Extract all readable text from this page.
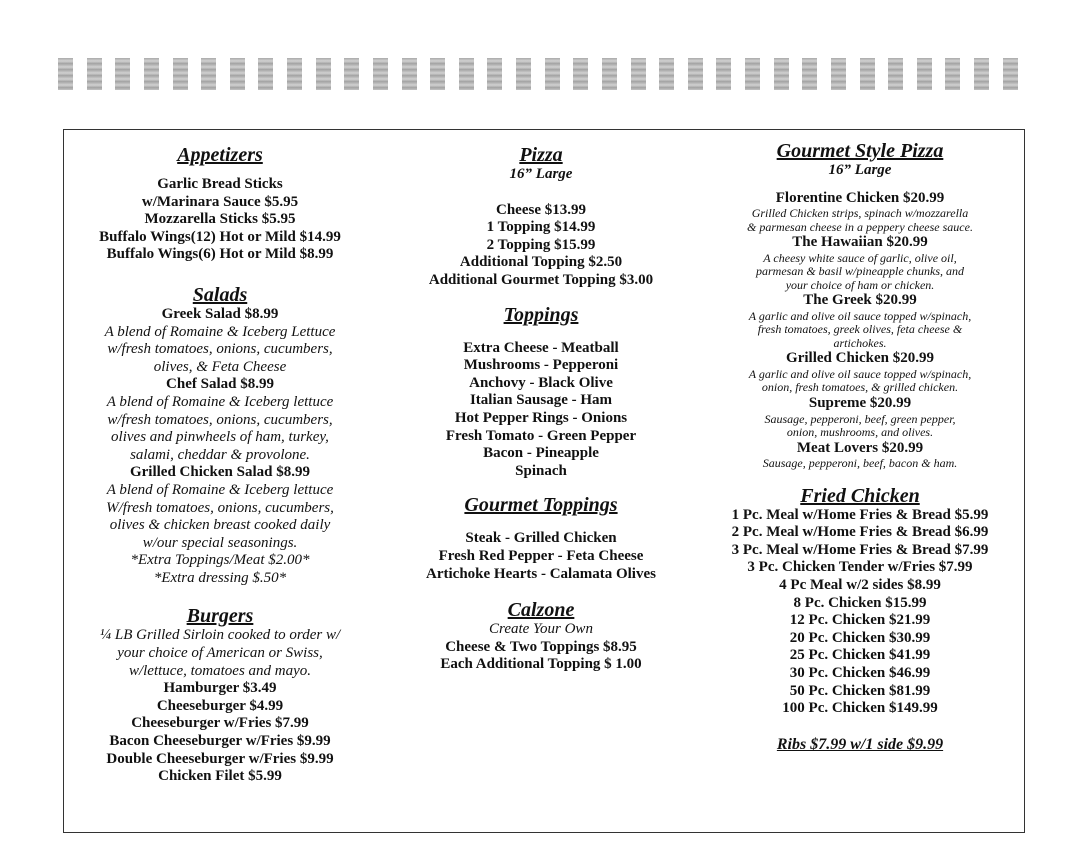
Appetizers
Garlic Bread Sticks
w/Marinara Sauce $5.95
Mozzarella Sticks $5.95
Buffalo Wings(12) Hot or Mild $14.99
Buffalo Wings(6) Hot or Mild $8.99
Salads
Greek Salad $8.99
A blend of Romaine & Iceberg Lettuce
w/fresh tomatoes, onions, cucumbers,
olives, & Feta Cheese
Chef Salad $8.99
A blend of Romaine & Iceberg lettuce
w/fresh tomatoes, onions, cucumbers,
olives and pinwheels of ham, turkey,
salami, cheddar & provolone.
Grilled Chicken Salad $8.99
A blend of Romaine & Iceberg lettuce
W/fresh tomatoes, onions, cucumbers,
olives & chicken breast cooked daily
w/our special seasonings.
*Extra Toppings/Meat $2.00*
*Extra dressing $.50*
Burgers
¼ LB Grilled Sirloin cooked to order w/
your choice of American or Swiss,
w/lettuce, tomatoes and mayo.
Hamburger $3.49
Cheeseburger $4.99
Cheeseburger w/Fries $7.99
Bacon Cheeseburger w/Fries $9.99
Double Cheeseburger w/Fries $9.99
Chicken Filet $5.99
Pizza
16” Large
Cheese $13.99
1 Topping $14.99
2 Topping $15.99
Additional Topping $2.50
Additional Gourmet Topping $3.00
Toppings
Extra Cheese - Meatball
Mushrooms - Pepperoni
Anchovy - Black Olive
Italian Sausage - Ham
Hot Pepper Rings - Onions
Fresh Tomato - Green Pepper
Bacon - Pineapple
Spinach
Gourmet Toppings
Steak - Grilled Chicken
Fresh Red Pepper - Feta Cheese
Artichoke Hearts - Calamata Olives
Calzone
Create Your Own
Cheese & Two Toppings $8.95
Each Additional Topping $ 1.00
Gourmet Style Pizza
16” Large
Florentine Chicken $20.99
Grilled Chicken strips, spinach w/mozzarella
& parmesan cheese in a peppery cheese sauce.
The Hawaiian $20.99
A cheesy white sauce of garlic, olive oil,
parmesan & basil w/pineapple chunks, and
your choice of ham or chicken.
The Greek $20.99
A garlic and olive oil sauce topped w/spinach,
fresh tomatoes, greek olives, feta cheese &
artichokes.
Grilled Chicken $20.99
A garlic and olive oil sauce topped w/spinach,
onion, fresh tomatoes, & grilled chicken.
Supreme $20.99
Sausage, pepperoni, beef, green pepper,
onion, mushrooms, and olives.
Meat Lovers $20.99
Sausage, pepperoni, beef, bacon & ham.
Fried Chicken
1 Pc. Meal w/Home Fries & Bread $5.99
2 Pc. Meal w/Home Fries & Bread $6.99
3 Pc. Meal w/Home Fries & Bread $7.99
3 Pc. Chicken Tender w/Fries $7.99
4 Pc Meal w/2 sides $8.99
8 Pc. Chicken $15.99
12 Pc. Chicken $21.99
20 Pc. Chicken $30.99
25 Pc. Chicken $41.99
30 Pc. Chicken $46.99
50 Pc. Chicken $81.99
100 Pc. Chicken $149.99
Ribs $7.99 w/1 side $9.99
